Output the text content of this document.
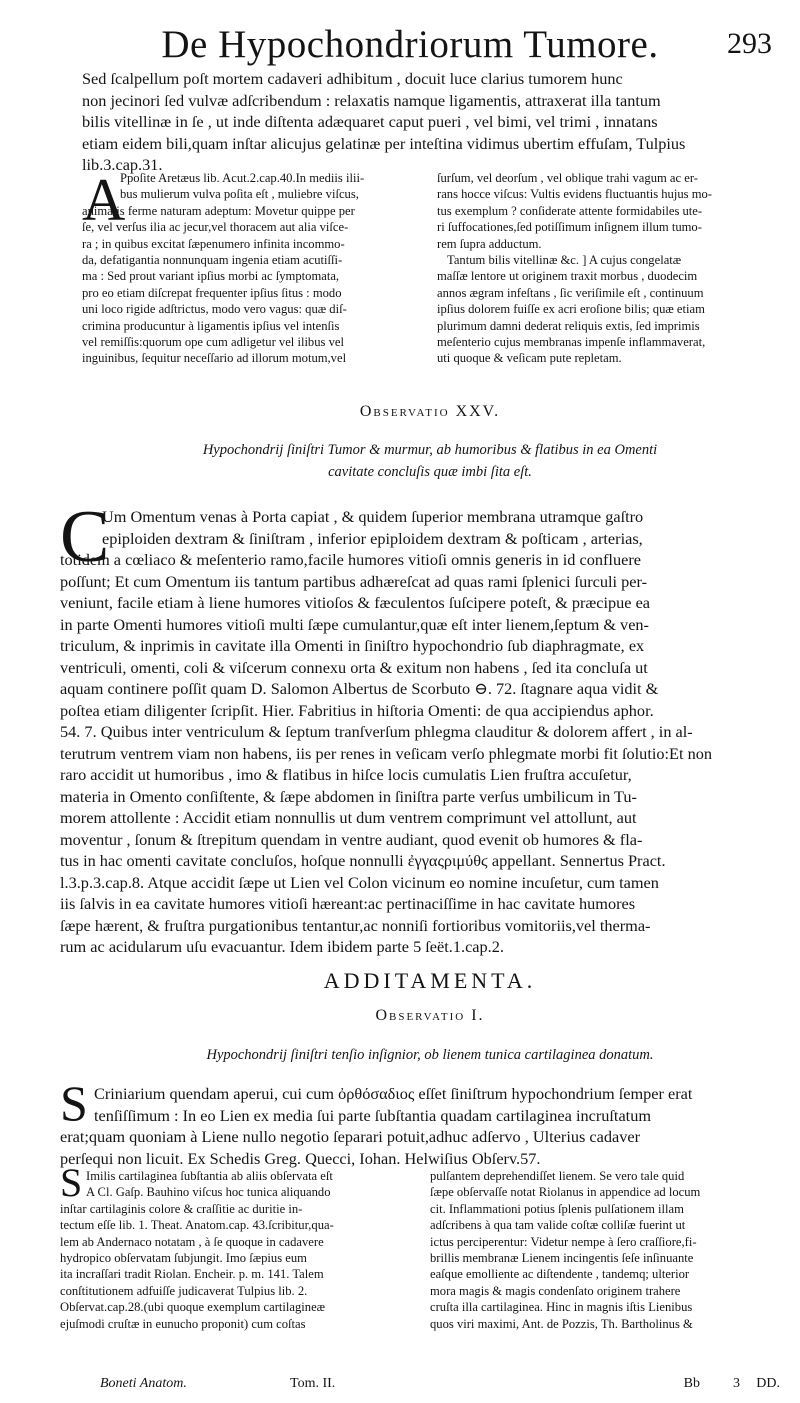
De Hypochondriorum Tumore.	293
Sed ſcalpellum poſt mortem cadaveri adhibitum , docuit luce clarius tumorem hunc
non jecinori ſed vulvæ adſcribendum : relaxatis namque ligamentis, attraxerat illa tantum
bilis vitellinæ in ſe , ut inde diſtenta adæquaret caput pueri , vel bimi, vel trimi , innatans
etiam eidem bili,quam inſtar alicujus gelatinæ per inteſtina vidimus ubertim effuſam, Tulpius
lib.3.cap.31.
A
Ppoſite Aretæus lib. Acut.2.cap.40.In mediis ilii-
bus mulierum vulva poſita eſt , muliebre viſcus,
animalis ferme naturam adeptum: Movetur quippe per
ſe, vel verſus ilia ac jecur,vel thoracem aut alia viſce-
ra ; in quibus excitat ſæpenumero infinita incommo-
da, defatigantia nonnunquam ingenia etiam acutiſſi-
ma : Sed prout variant ipſius morbi ac ſymptomata,
pro eo etiam diſcrepat frequenter ipſius ſitus : modo
uni loco rigide adſtrictus, modo vero vagus: quæ diſ-
crimina producuntur à ligamentis ipſius vel intenſis
vel remiſſis:quorum ope cum adligetur vel ilibus vel
inguinibus, ſequitur neceſſario ad illorum motum,vel
ſurſum, vel deorſum , vel oblique trahi vagum ac er-
rans hocce viſcus: Vultis evidens fluctuantis hujus mo-
tus exemplum ? conſiderate attente formidabiles ute-
ri ſuffocationes,ſed potiſſimum inſignem illum tumo-
rem ſupra adductum.
Tantum bilis vitellinæ &c. ] A cujus congelatæ
maſſæ lentore ut originem traxit morbus , duodecim
annos ægram infeſtans , ſic veriſimile eſt , continuum
ipſius dolorem fuiſſe ex acri eroſione bilis; quæ etiam
plurimum damni dederat reliquis extis, ſed imprimis
meſenterio cujus membranas impenſe inflammaverat,
uti quoque & veſicam pute repletam.
Observatio XXV.
Hypochondrij ſiniſtri Tumor & murmur, ab humoribus & flatibus in ea Omenti
cavitate concluſis quæ imbi ſita eſt.
C
Um Omentum venas à Porta capiat , & quidem ſuperior membrana utramque gaſtro
epiploiden dextram & ſiniſtram , inferior epiploidem dextram & poſticam , arterias,
totidem a cœliaco & meſenterio ramo,facile humores vitioſi omnis generis in id confluere
poſſunt; Et cum Omentum iis tantum partibus adhæreſcat ad quas rami ſplenici ſurculi per-
veniunt, facile etiam à liene humores vitioſos & fæculentos ſuſcipere poteſt, & præcipue ea
in parte Omenti humores vitioſi multi ſæpe cumulantur,quæ eſt inter lienem,ſeptum & ven-
triculum, & inprimis in cavitate illa Omenti in ſiniſtro hypochondrio ſub diaphragmate, ex
ventriculi, omenti, coli & viſcerum connexu orta & exitum non habens , ſed ita concluſa ut
aquam continere poſſit quam D. Salomon Albertus de Scorbuto ⊖. 72. ſtagnare aqua vidit &
poſtea etiam diligenter ſcripſit. Hier. Fabritius in hiſtoria Omenti: de qua accipiendus aphor.
54. 7. Quibus inter ventriculum & ſeptum tranſverſum phlegma clauditur & dolorem affert , in al-
terutrum ventrem viam non habens, iis per renes in veſicam verſo phlegmate morbi fit ſolutio:Et non
raro accidit ut humoribus , imo & flatibus in hiſce locis cumulatis Lien fruſtra accuſetur,
materia in Omento conſiſtente, & ſæpe abdomen in ſiniſtra parte verſus umbilicum in Tu-
morem attollente : Accidit etiam nonnullis ut dum ventrem comprimunt vel attollunt, aut
moventur , ſonum & ſtrepitum quendam in ventre audiant, quod evenit ob humores & fla-
tus in hac omenti cavitate concluſos, hoſque nonnulli ἐγγαςριμύθϛ appellant. Sennertus Pract.
l.3.p.3.cap.8. Atque accidit ſæpe ut Lien vel Colon vicinum eo nomine incuſetur, cum tamen
iis ſalvis in ea cavitate humores vitioſi hæreant:ac pertinaciſſime in hac cavitate humores
ſæpe hærent, & fruſtra purgationibus tentantur,ac nonniſi fortioribus vomitoriis,vel therma-
rum ac acidularum uſu evacuantur. Idem ibidem parte 5 ſeët.1.cap.2.
ADDITAMENTA.
Observatio I.
Hypochondrij ſiniſtri tenſio inſignior, ob lienem tunica cartilaginea donatum.
S Criniarium quendam aperui, cui cum ὀρθόσαδιος eſſet ſiniſtrum hypochondrium ſemper erat
tenſiſſimum : In eo Lien ex media ſui parte ſubſtantia quadam cartilaginea incruſtatum
erat;quam quoniam à Liene nullo negotio ſeparari potuit,adhuc adſervo , Ulterius cadaver
perſequi non licuit. Ex Schedis Greg. Quecci, Iohan. Helwiſius Obſerv.57.
S Imilis cartilaginea ſubſtantia ab aliis obſervata eſt
A Cl. Gaſp. Bauhino viſcus hoc tunica aliquando
inſtar cartilaginis colore & craſſitie ac duritie in-
tectum eſſe lib. 1. Theat. Anatom.cap. 43.ſcribitur,qua-
lem ab Andernaco notatam , à ſe quoque in cadavere
hydropico obſervatam ſubjungit. Imo ſæpius eum
ita incraſſari tradit Riolan. Encheir. p. m. 141. Talem
conſtitutionem adfuiſſe judicaverat Tulpius lib. 2.
Obſervat.cap.28.(ubi quoque exemplum cartilagineæ
ejuſmodi cruſtæ in eunucho proponit) cum coſtas
pulſantem deprehendiſſet lienem. Se vero tale quid
ſæpe obſervaſſe notat Riolanus in appendice ad locum
cit. Inflammationi potius ſplenis pulſationem illam
adſcribens à qua tam valide coſtæ colliſæ fuerint ut
ictus perciperentur: Videtur nempe à ſero craſſiore,fi-
brillis membranæ Lienem incingentis ſeſe inſinuante
eaſque emolliente ac diſtendente , tandemq; ulterior
mora magis & magis condenſato originem trahere
cruſta illa cartilaginea. Hinc in magnis iſtis Lienibus
quos viri maximi, Ant. de Pozzis, Th. Bartholinus &
Boneti Anatom.	Tom. II.	Bb 3 DD.
